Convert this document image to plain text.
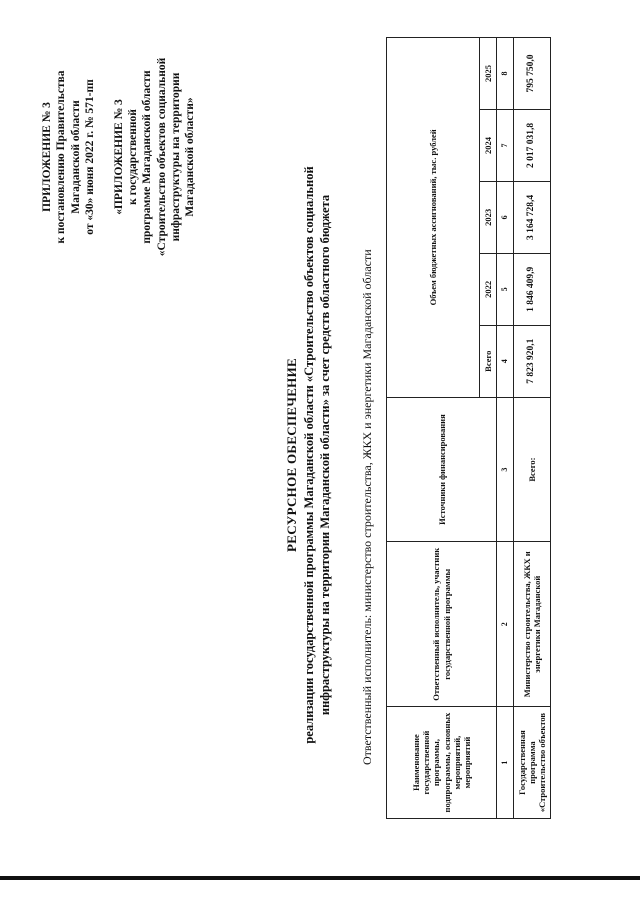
ПРИЛОЖЕНИЕ № 3 к постановлению Правительства Магаданской области от «30» июня 2022 г. № 571-пп «ПРИЛОЖЕНИЕ № 3 к государственной программе Магаданской области «Строительство объектов социальной инфраструктуры на территории Магаданской области»
РЕСУРСНОЕ ОБЕСПЕЧЕНИЕ реализации государственной программы Магаданской области «Строительство объектов социальной инфраструктуры на территории Магаданской области» за счет средств областного бюджета Ответственный исполнитель: министерство строительства, ЖКХ и энергетики Магаданской области	Наименование государственной программы, подпрограммы, основных мероприятий, мероприятий	Ответственный исполнитель, участник государственной программы	Источники финансирования	Объем бюджетных ассигнований, тыс. рублей				
			Всего	2022	2023	2024	2025
1	2	3	4	5	6	7	8
Государственная программа «Строительство объектов	Министерство строительства, ЖКХ и энергетики Магаданской	Всего:	7 823 920,1	1 846 409,9	3 164 728,4	2 017 031,8	795 750,0
